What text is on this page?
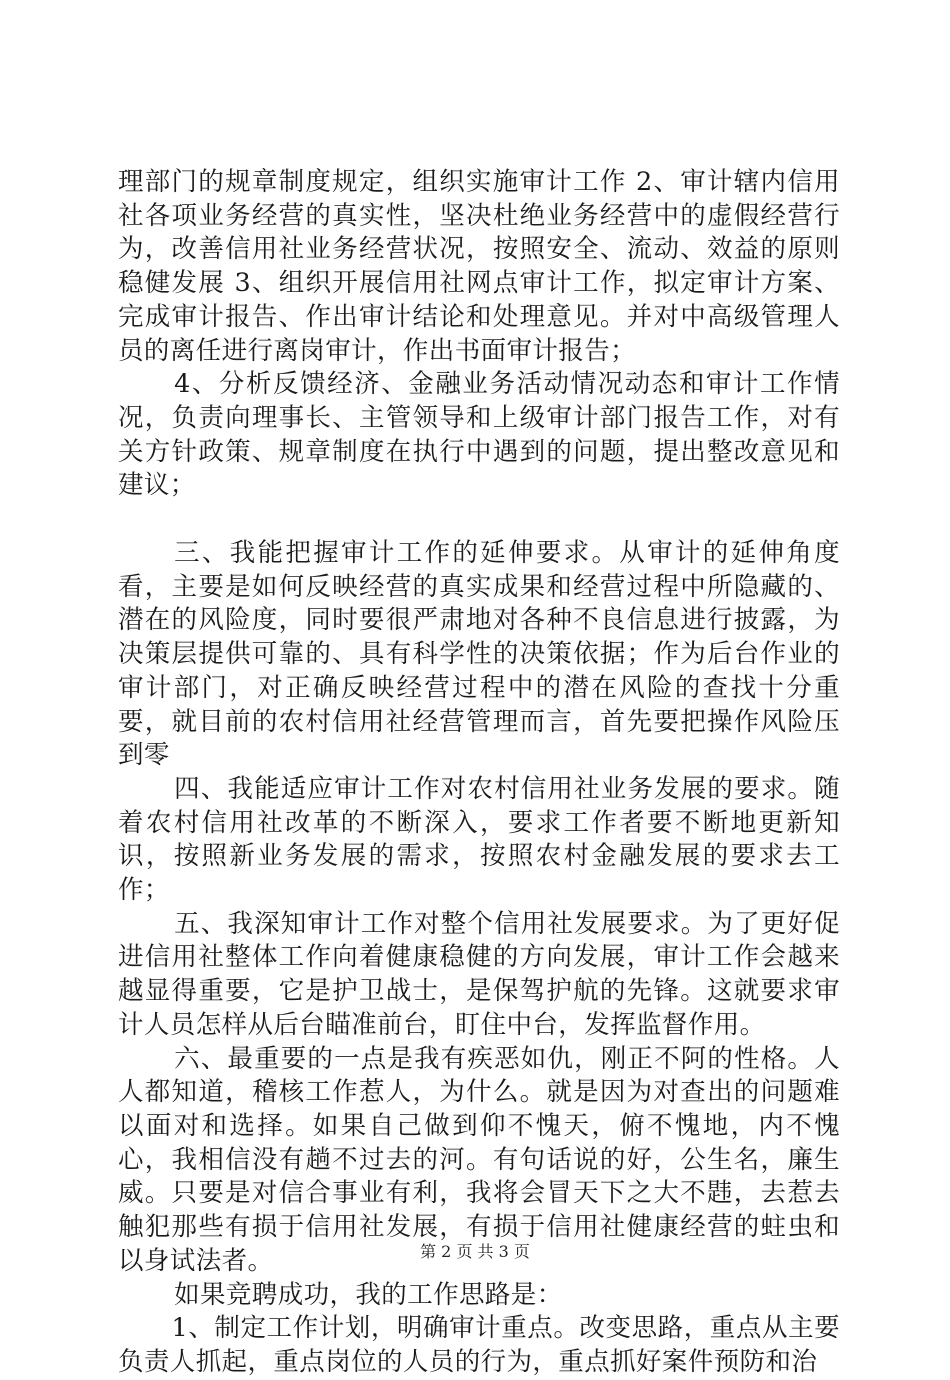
理部门的规章制度规定，组织实施审计工作 2、审计辖内信用社各项业务经营的真实性，坚决杜绝业务经营中的虚假经营行为，改善信用社业务经营状况，按照安全、流动、效益的原则稳健发展 3、组织开展信用社网点审计工作，拟定审计方案、完成审计报告、作出审计结论和处理意见。并对中高级管理人员的离任进行离岗审计，作出书面审计报告；

4、分析反馈经济、金融业务活动情况动态和审计工作情况，负责向理事长、主管领导和上级审计部门报告工作，对有关方针政策、规章制度在执行中遇到的问题，提出整改意见和建议；

三、我能把握审计工作的延伸要求。从审计的延伸角度看，主要是如何反映经营的真实成果和经营过程中所隐藏的、潜在的风险度，同时要很严肃地对各种不良信息进行披露，为决策层提供可靠的、具有科学性的决策依据；作为后台作业的审计部门，对正确反映经营过程中的潜在风险的查找十分重要，就目前的农村信用社经营管理而言，首先要把操作风险压到零

四、我能适应审计工作对农村信用社业务发展的要求。随着农村信用社改革的不断深入，要求工作者要不断地更新知识，按照新业务发展的需求，按照农村金融发展的要求去工作；

五、我深知审计工作对整个信用社发展要求。为了更好促进信用社整体工作向着健康稳健的方向发展，审计工作会越来越显得重要，它是护卫战士，是保驾护航的先锋。这就要求审计人员怎样从后台瞄准前台，盯住中台，发挥监督作用。

六、最重要的一点是我有疾恶如仇，刚正不阿的性格。人人都知道，稽核工作惹人，为什么。就是因为对查出的问题难以面对和选择。如果自己做到仰不愧天，俯不愧地，内不愧心，我相信没有趟不过去的河。有句话说的好，公生名，廉生威。只要是对信合事业有利，我将会冒天下之大不韪，去惹去触犯那些有损于信用社发展，有损于信用社健康经营的蛀虫和以身试法者。

如果竞聘成功，我的工作思路是：

1、制定工作计划，明确审计重点。改变思路，重点从主要负责人抓起，重点岗位的人员的行为，重点抓好案件预防和治

第 2 页 共 3 页
